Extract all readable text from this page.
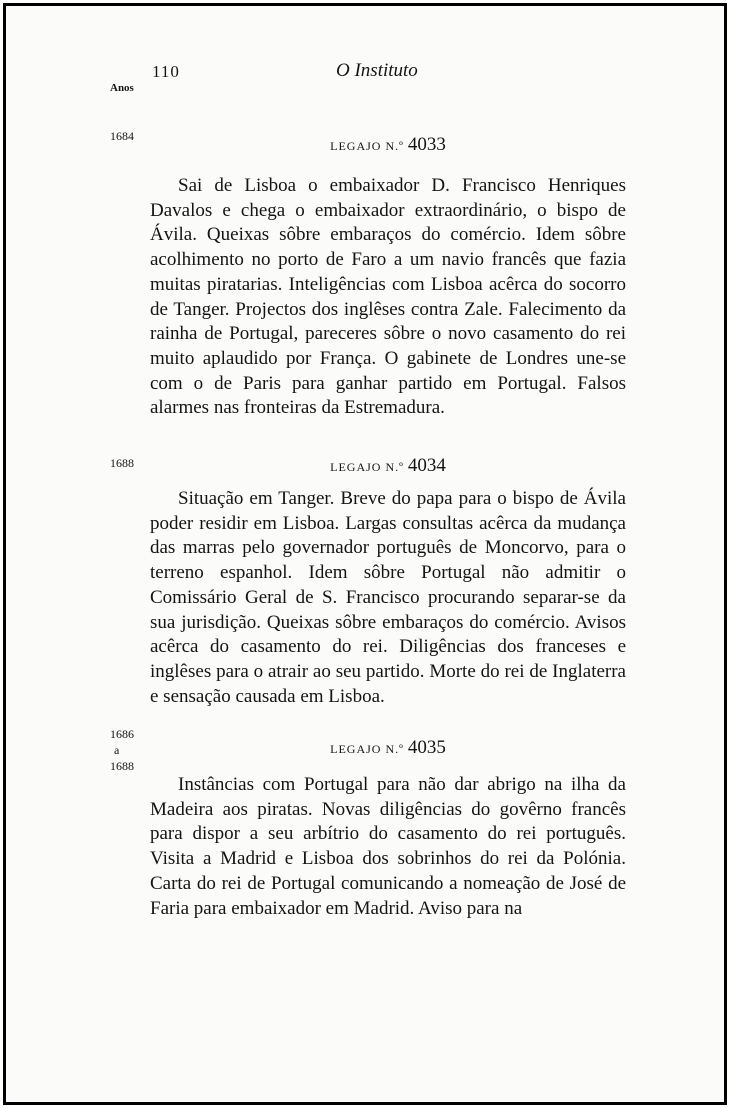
110	O Instituto
Anos
1684
LEGAJO N.º 4033

Sai de Lisboa o embaixador D. Francisco Henriques Davalos e chega o embaixador extraordinário, o bispo de Ávila. Queixas sôbre embaraços do comércio. Idem sôbre acolhimento no porto de Faro a um navio francês que fazia muitas piratarias. Inteligências com Lisboa acêrca do socorro de Tanger. Projectos dos inglêses contra Zale. Falecimento da rainha de Portugal, pareceres sôbre o novo casamento do rei muito aplaudido por França. O gabinete de Londres une-se com o de Paris para ganhar partido em Portugal. Falsos alarmes nas fronteiras da Estremadura.

1688	LEGAJO N.º 4034

Situação em Tanger. Breve do papa para o bispo de Ávila poder residir em Lisboa. Largas consultas acêrca da mudança das marras pelo governador português de Moncorvo, para o terreno espanhol. Idem sôbre Portugal não admitir o Comissário Geral de S. Francisco procurando separar-se da sua jurisdição. Queixas sôbre embaraços do comércio. Avisos acêrca do casamento do rei. Diligências dos franceses e inglêses para o atrair ao seu partido. Morte do rei de Inglaterra e sensação causada em Lisboa.

1686
a
1688
LEGAJO N.º 4035

Instâncias com Portugal para não dar abrigo na ilha da Madeira aos piratas. Novas diligências do govêrno francês para dispor a seu arbítrio do casamento do rei português. Visita a Madrid e Lisboa dos sobrinhos do rei da Polónia. Carta do rei de Portugal comunicando a nomeação de José de Faria para embaixador em Madrid. Aviso para na
